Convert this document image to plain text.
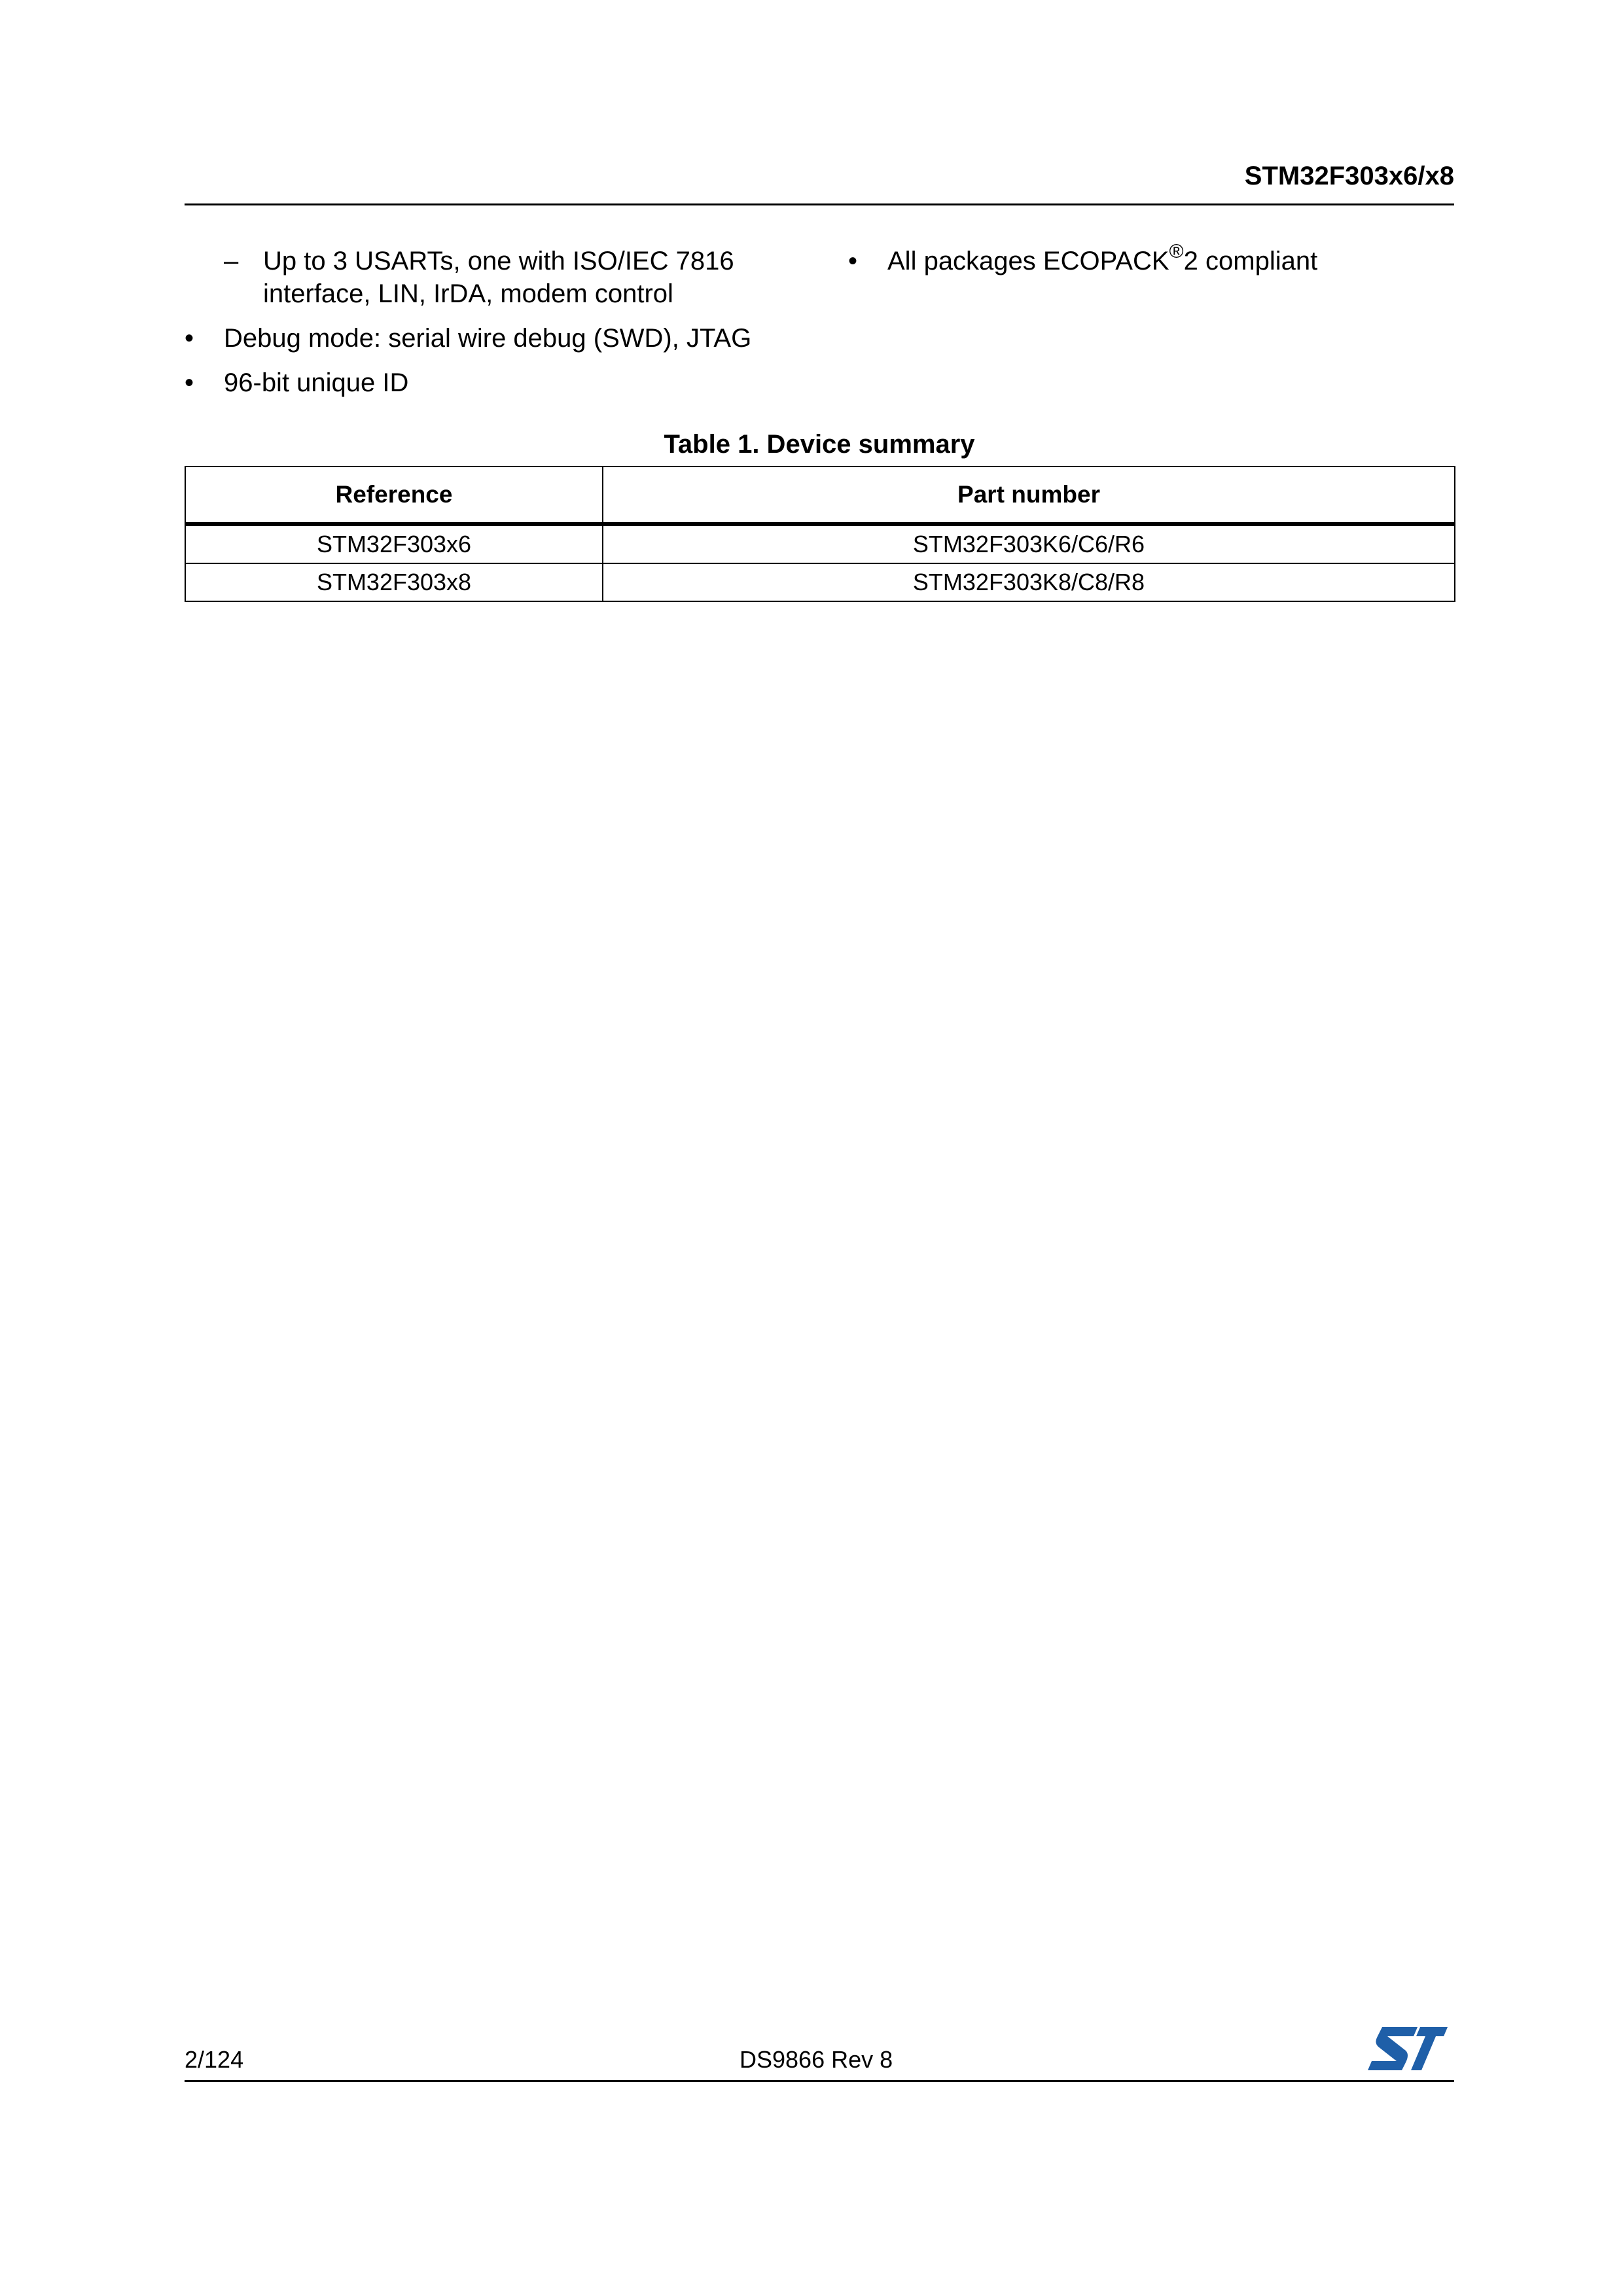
STM32F303x6/x8
– Up to 3 USARTs, one with ISO/IEC 7816
interface, LIN, IrDA, modem control
•	Debug mode: serial wire debug (SWD), JTAG
•	96-bit unique ID
•	All packages ECOPACK®2 compliant
Table 1. Device summary
Reference	Part number
STM32F303x6	STM32F303K6/C6/R6
STM32F303x8	STM32F303K8/C8/R8
2/124	DS9866 Rev 8
